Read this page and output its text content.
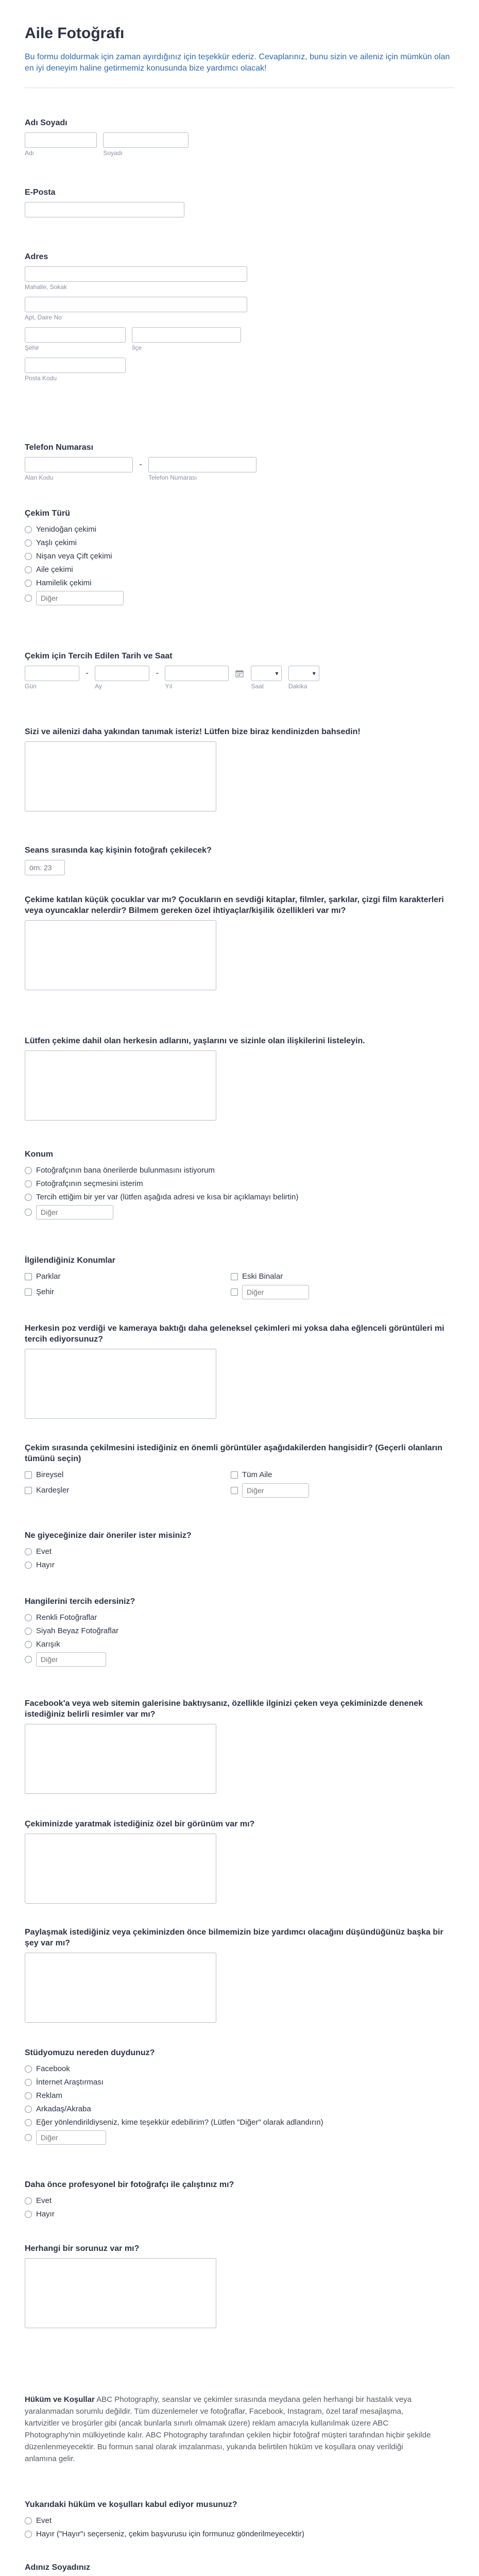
Aile Fotoğrafı
Bu formu doldurmak için zaman ayırdığınız için teşekkür ederiz. Cevaplarınız, bunu sizin ve aileniz için mümkün olan en iyi deneyim haline getirmemiz konusunda bize yardımcı olacak!
Adı Soyadı
Adı
	Soyadı
E-Posta
Adres
Mahalle, Sokak
Apt, Daire No
Şehir
	İlçe
Posta Kodu
Telefon Numarası
Alan Kodu
-
Telefon Numarası
Çekim Türü
Yenidoğan çekimi
Yaşlı çekimi
Nişan veya Çift çekimi
Aile çekimi
Hamilelik çekimi
Diğer
Çekim için Tercih Edilen Tarih ve Saat
Gün
-
Ay
-
Yıl

▾
Saat

▾
Dakika
Sizi ve ailenizi daha yakından tanımak isteriz! Lütfen bize biraz kendinizden bahsedin!
Seans sırasında kaç kişinin fotoğrafı çekilecek?
örn: 23
Çekime katılan küçük çocuklar var mı? Çocukların en sevdiği kitaplar, filmler, şarkılar, çizgi film karakterleri veya oyuncaklar nelerdir? Bilmem gereken özel ihtiyaçlar/kişilik özellikleri var mı?
Lütfen çekime dahil olan herkesin adlarını, yaşlarını ve sizinle olan ilişkilerini listeleyin.
Konum
Fotoğrafçının bana önerilerde bulunmasını istiyorum
Fotoğrafçının seçmesini isterim
Tercih ettiğim bir yer var (lütfen aşağıda adresi ve kısa bir açıklamayı belirtin)
Diğer
İlgilendiğiniz Konumlar
Parklar
Şehir
Eski Binalar
Diğer
Herkesin poz verdiği ve kameraya baktığı daha geleneksel çekimleri mi yoksa daha eğlenceli görüntüleri mi tercih ediyorsunuz?
Çekim sırasında çekilmesini istediğiniz en önemli görüntüler aşağıdakilerden hangisidir? (Geçerli olanların tümünü seçin)
Bireysel
Kardeşler
Tüm Aile
Diğer
Ne giyeceğinize dair öneriler ister misiniz?
Evet
Hayır
Hangilerini tercih edersiniz?
Renkli Fotoğraflar
Siyah Beyaz Fotoğraflar
Karışık
Diğer
Facebook'a veya web sitemin galerisine baktıysanız, özellikle ilginizi çeken veya çekiminizde denenek istediğiniz belirli resimler var mı?
Çekiminizde yaratmak istediğiniz özel bir görünüm var mı?
Paylaşmak istediğiniz veya çekiminizden önce bilmemizin bize yardımcı olacağını düşündüğünüz başka bir şey var mı?
Stüdyomuzu nereden duydunuz?
Facebook
İnternet Araştırması
Reklam
Arkadaş/Akraba
Eğer yönlendirildiyseniz, kime teşekkür edebilirim? (Lütfen "Diğer" olarak adlandırın)
Diğer
Daha önce profesyonel bir fotoğrafçı ile çalıştınız mı?
Evet
Hayır
Herhangi bir sorunuz var mı?
Hüküm ve Koşullar ABC Photography, seanslar ve çekimler sırasında meydana gelen herhangi bir hastalık veya yaralanmadan sorumlu değildir. Tüm düzenlemeler ve fotoğraflar, Facebook, Instagram, özel taraf mesajlaşma, kartvizitler ve broşürler gibi (ancak bunlarla sınırlı olmamak üzere) reklam amacıyla kullanılmak üzere ABC Photography'nin mülkiyetinde kalır. ABC Photography tarafından çekilen hiçbir fotoğraf müşteri tarafından hiçbir şekilde düzenlenmeyecektir. Bu formun sanal olarak imzalanması, yukarıda belirtilen hüküm ve koşullara onay verildiği anlamına gelir.
Yukarıdaki hüküm ve koşulları kabul ediyor musunuz?
Evet
Hayır ("Hayır"ı seçerseniz, çekim başvurusu için formunuz gönderilmeyecektir)
Adınız Soyadınız
